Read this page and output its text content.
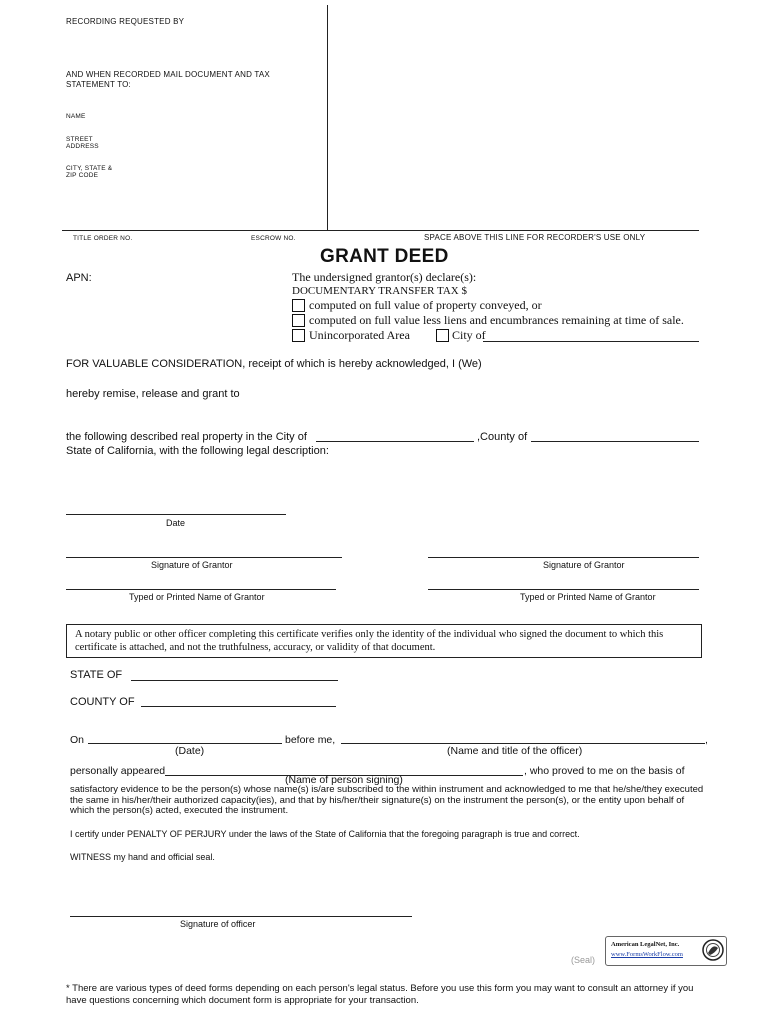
RECORDING REQUESTED BY
AND WHEN RECORDED MAIL DOCUMENT AND TAX STATEMENT TO:
NAME
STREET
ADDRESS
CITY, STATE &
ZIP CODE
TITLE ORDER NO.	ESCROW NO.	SPACE ABOVE THIS LINE FOR RECORDER'S USE ONLY
GRANT DEED
APN:	The undersigned grantor(s) declare(s):
DOCUMENTARY TRANSFER TAX $
computed on full value of property conveyed, or
computed on full value less liens and encumbrances remaining at time of sale.
Unincorporated Area	City of
FOR VALUABLE CONSIDERATION, receipt of which is hereby acknowledged, I (We)
hereby remise, release and grant to
the following described real property in the City of	,County of
State of California, with the following legal description:
Date
Signature of Grantor	Signature of Grantor
Typed or Printed Name of Grantor	Typed or Printed Name of Grantor
A notary public or other officer completing this certificate verifies only the identity of the individual who signed the document to which this certificate is attached, and not the truthfulness, accuracy, or validity of that document.
STATE OF
COUNTY OF
On	before me,	,
(Date)	(Name and title of the officer)
personally appeared	, who proved to me on the basis of
(Name of person signing)
satisfactory evidence to be the person(s) whose name(s) is/are subscribed to the within instrument and acknowledged to me that he/she/they executed the same in his/her/their authorized capacity(ies), and that by his/her/their signature(s) on the instrument the person(s), or the entity upon behalf of which the person(s) acted, executed the instrument.
I certify under PENALTY OF PERJURY under the laws of the State of California that the foregoing paragraph is true and correct.
WITNESS my hand and official seal.
Signature of officer
(Seal)
American LegalNet, Inc.
www.FormsWorkFlow.com
* There are various types of deed forms depending on each person's legal status. Before you use this form you may want to consult an attorney if you have questions concerning which document form is appropriate for your transaction.
